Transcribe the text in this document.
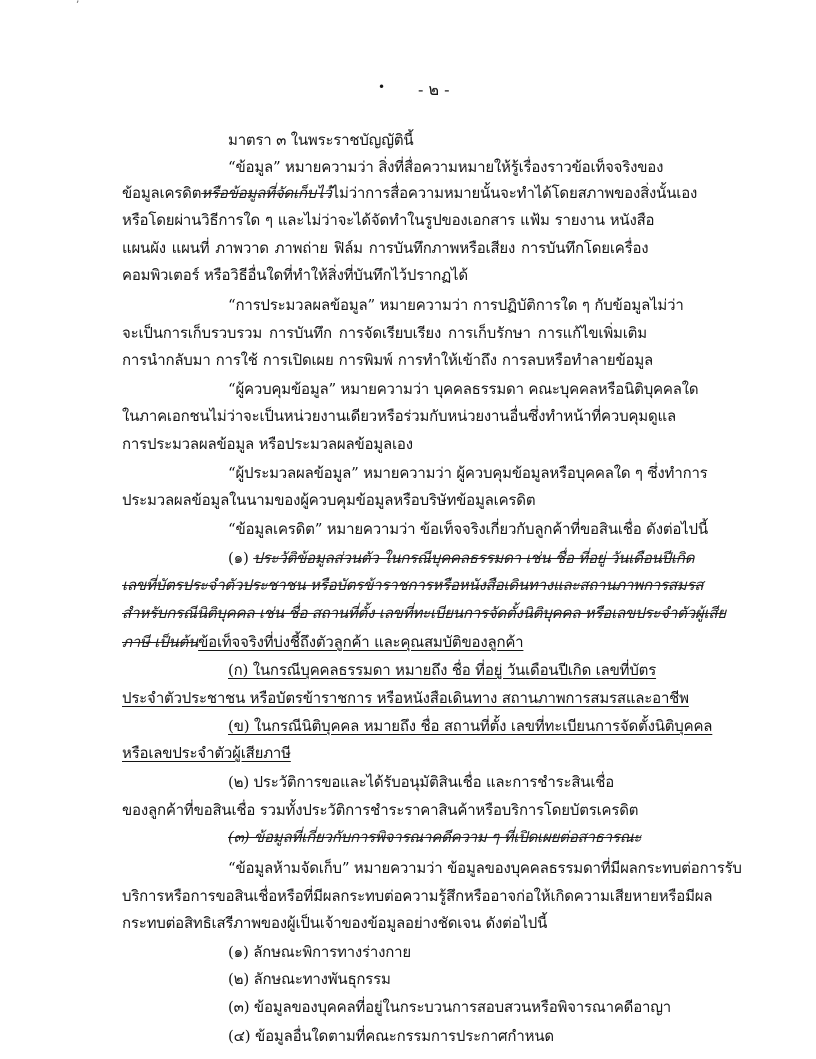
’
• - ๒ -
มาตรา ๓ ในพระราชบัญญัตินี้
“ข้อมูล” หมายความว่า สิ่งที่สื่อความหมายให้รู้เรื่องราวข้อเท็จจริงของ
ข้อมูลเครดิตหรือข้อมูลที่จัดเก็บไว้ไม่ว่าการสื่อความหมายนั้นจะทำได้โดยสภาพของสิ่งนั้นเอง
หรือโดยผ่านวิธีการใด ๆ และไม่ว่าจะได้จัดทำในรูปของเอกสาร แฟ้ม รายงาน หนังสือ
แผนผัง แผนที่ ภาพวาด ภาพถ่าย ฟิล์ม การบันทึกภาพหรือเสียง การบันทึกโดยเครื่อง
คอมพิวเตอร์ หรือวิธีอื่นใดที่ทำให้สิ่งที่บันทึกไว้ปรากฏได้
“การประมวลผลข้อมูล” หมายความว่า การปฏิบัติการใด ๆ กับข้อมูลไม่ว่า
จะเป็นการเก็บรวบรวม การบันทึก การจัดเรียบเรียง การเก็บรักษา การแก้ไขเพิ่มเติม
การนำกลับมา การใช้ การเปิดเผย การพิมพ์ การทำให้เข้าถึง การลบหรือทำลายข้อมูล
“ผู้ควบคุมข้อมูล” หมายความว่า บุคคลธรรมดา คณะบุคคลหรือนิติบุคคลใด
ในภาคเอกชนไม่ว่าจะเป็นหน่วยงานเดียวหรือร่วมกับหน่วยงานอื่นซึ่งทำหน้าที่ควบคุมดูแล
การประมวลผลข้อมูล หรือประมวลผลข้อมูลเอง
“ผู้ประมวลผลข้อมูล” หมายความว่า ผู้ควบคุมข้อมูลหรือบุคคลใด ๆ ซึ่งทำการ
ประมวลผลข้อมูลในนามของผู้ควบคุมข้อมูลหรือบริษัทข้อมูลเครดิต
“ข้อมูลเครดิต” หมายความว่า ข้อเท็จจริงเกี่ยวกับลูกค้าที่ขอสินเชื่อ ดังต่อไปนี้
(๑) ประวัติข้อมูลส่วนตัว ในกรณีบุคคลธรรมดา เช่น ชื่อ ที่อยู่ วันเดือนปีเกิด
เลขที่บัตรประจำตัวประชาชน หรือบัตรข้าราชการหรือหนังสือเดินทางและสถานภาพการสมรส
สำหรับกรณีนิติบุคคล เช่น ชื่อ สถานที่ตั้ง เลขที่ทะเบียนการจัดตั้งนิติบุคคล หรือเลขประจำตัวผู้เสีย
ภาษี เป็นต้นข้อเท็จจริงที่บ่งชี้ถึงตัวลูกค้า และคุณสมบัติของลูกค้า
(ก) ในกรณีบุคคลธรรมดา หมายถึง ชื่อ ที่อยู่ วันเดือนปีเกิด เลขที่บัตร
ประจำตัวประชาชน หรือบัตรข้าราชการ หรือหนังสือเดินทาง สถานภาพการสมรสและอาชีพ
(ข) ในกรณีนิติบุคคล หมายถึง ชื่อ สถานที่ตั้ง เลขที่ทะเบียนการจัดตั้งนิติบุคคล
หรือเลขประจำตัวผู้เสียภาษี
(๒) ประวัติการขอและได้รับอนุมัติสินเชื่อ และการชำระสินเชื่อ
ของลูกค้าที่ขอสินเชื่อ รวมทั้งประวัติการชำระราคาสินค้าหรือบริการโดยบัตรเครดิต
(๓) ข้อมูลที่เกี่ยวกับการพิจารณาคดีความ ๆ ที่เปิดเผยต่อสาธารณะ
“ข้อมูลห้ามจัดเก็บ” หมายความว่า ข้อมูลของบุคคลธรรมดาที่มีผลกระทบต่อการรับ
บริการหรือการขอสินเชื่อหรือที่มีผลกระทบต่อความรู้สึกหรืออาจก่อให้เกิดความเสียหายหรือมีผล
กระทบต่อสิทธิเสรีภาพของผู้เป็นเจ้าของข้อมูลอย่างชัดเจน ดังต่อไปนี้
(๑) ลักษณะพิการทางร่างกาย
(๒) ลักษณะทางพันธุกรรม
(๓) ข้อมูลของบุคคลที่อยู่ในกระบวนการสอบสวนหรือพิจารณาคดีอาญา
(๔) ข้อมูลอื่นใดตามที่คณะกรรมการประกาศกำหนด
